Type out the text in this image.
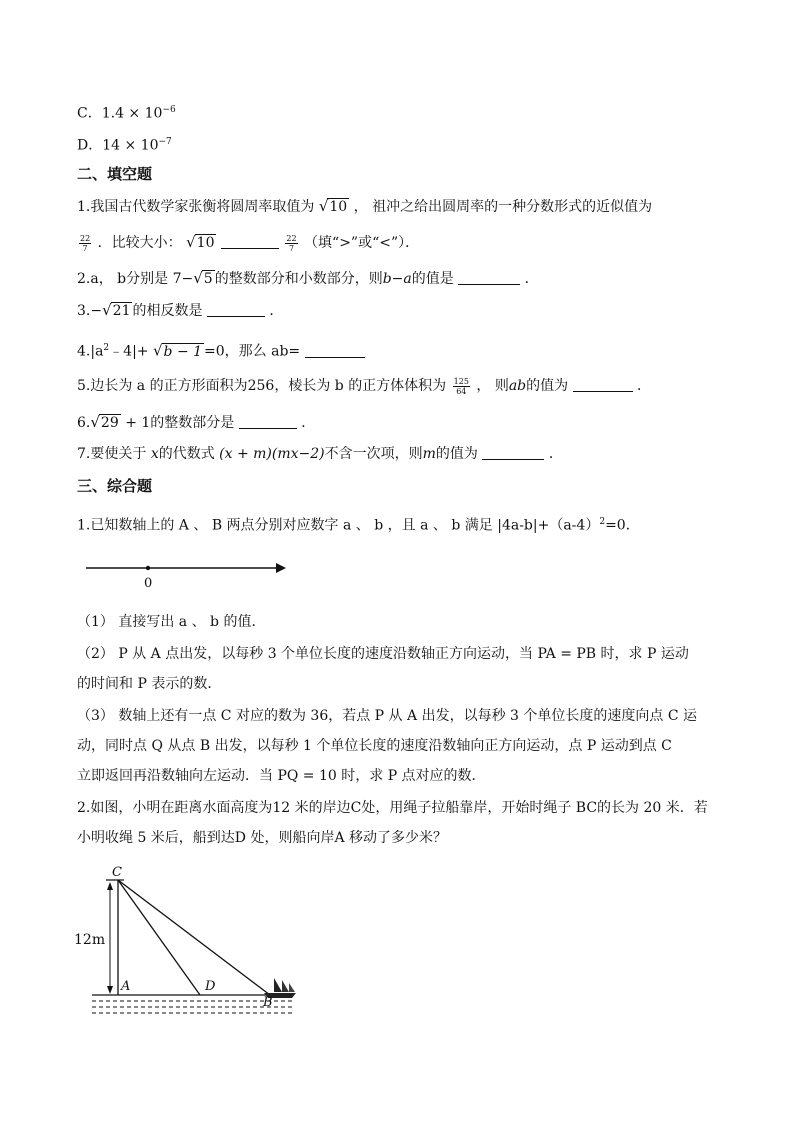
C．$1.4 \times 10^{-6}$
D．$14 \times 10^{-7}$
二、填空题
1.我国古代数学家张衡将圆周率取值为 √10 ， 祖冲之给出圆周率的一种分数形式的近似值为
$\frac{22}{7}$ ．比较大小： √10	$\frac{22}{7}$ （填“>”或“<”）．
2.a， b分别是 7−√5 的整数部分和小数部分，则b−a的值是	．
3.−√21 的相反数是	．
$4.|a^2﹣4|+ √b - 1 =0$，那么 ab=
5.边长为 a 的正方形面积为256，棱长为 b 的正方体体积为 $\frac{125}{64}$ ， 则ab的值为	．
6.√29 + 1的整数部分是	．
7.要使关于 x的代数式 (x + m)(mx−2)不含一次项，则m的值为	．
三、综合题
1.已知数轴上的 A 、 B 两点分别对应数字 a 、 b ，且 a 、 b 满足 $|4a-b|+(a-4)^2=0$．
0
（1） 直接写出 a 、 b 的值．
（2） P 从 A 点出发，以每秒 3 个单位长度的速度沿数轴正方向运动，当 PA = PB 时，求 P 运动
的时间和 P 表示的数．
（3） 数轴上还有一点 C 对应的数为 36，若点 P 从 A 出发，以每秒 3 个单位长度的速度向点 C 运
动，同时点 Q 从点 B 出发，以每秒 1 个单位长度的速度沿数轴向正方向运动，点 P 运动到点 C
立即返回再沿数轴向左运动．当 PQ = 10 时，求 P 点对应的数．
2.如图，小明在距离水面高度为12 米的岸边C处，用绳子拉船靠岸，开始时绳子 BC的长为 20 米．若
小明收绳 5 米后，船到达D 处，则船向岸A 移动了多少米？
C
A	D
B
12m
